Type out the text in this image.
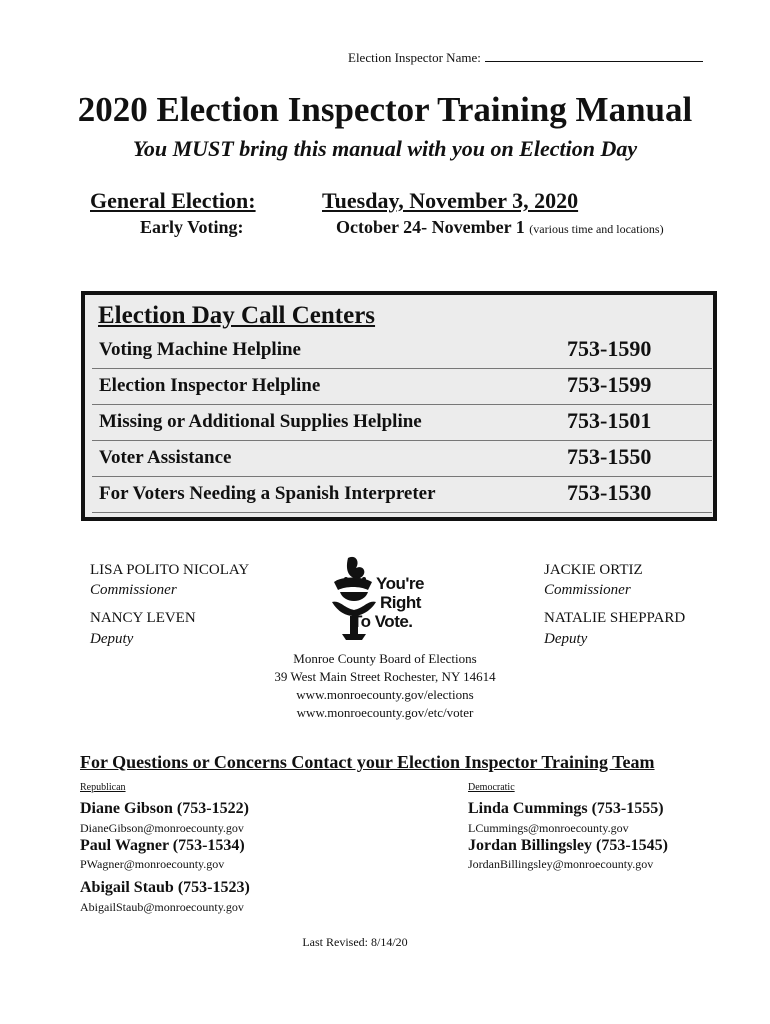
Election Inspector Name:
2020 Election Inspector Training Manual
You MUST bring this manual with you on Election Day
General Election:	Tuesday, November 3, 2020
Early Voting:	October 24- November 1 (various time and locations)
Election Day Call Centers
Voting Machine Helpline	753-1590
Election Inspector Helpline	753-1599
Missing or Additional Supplies Helpline	753-1501
Voter Assistance	753-1550
For Voters Needing a Spanish Interpreter	753-1530
LISA POLITO NICOLAY
Commissioner
NANCY LEVEN
Deputy
JACKIE ORTIZ
Commissioner
NATALIE SHEPPARD
Deputy
You're
Right
To Vote.
Monroe County Board of Elections
39 West Main Street Rochester, NY 14614
www.monroecounty.gov/elections
www.monroecounty.gov/etc/voter
For Questions or Concerns Contact your Election Inspector Training Team
Republican
Diane Gibson (753-1522)
DianeGibson@monroecounty.gov
Paul Wagner (753-1534)
PWagner@monroecounty.gov
Abigail Staub (753-1523)
AbigailStaub@monroecounty.gov
Democratic
Linda Cummings (753-1555)
LCummings@monroecounty.gov
Jordan Billingsley (753-1545)
JordanBillingsley@monroecounty.gov
Last Revised: 8/14/20
